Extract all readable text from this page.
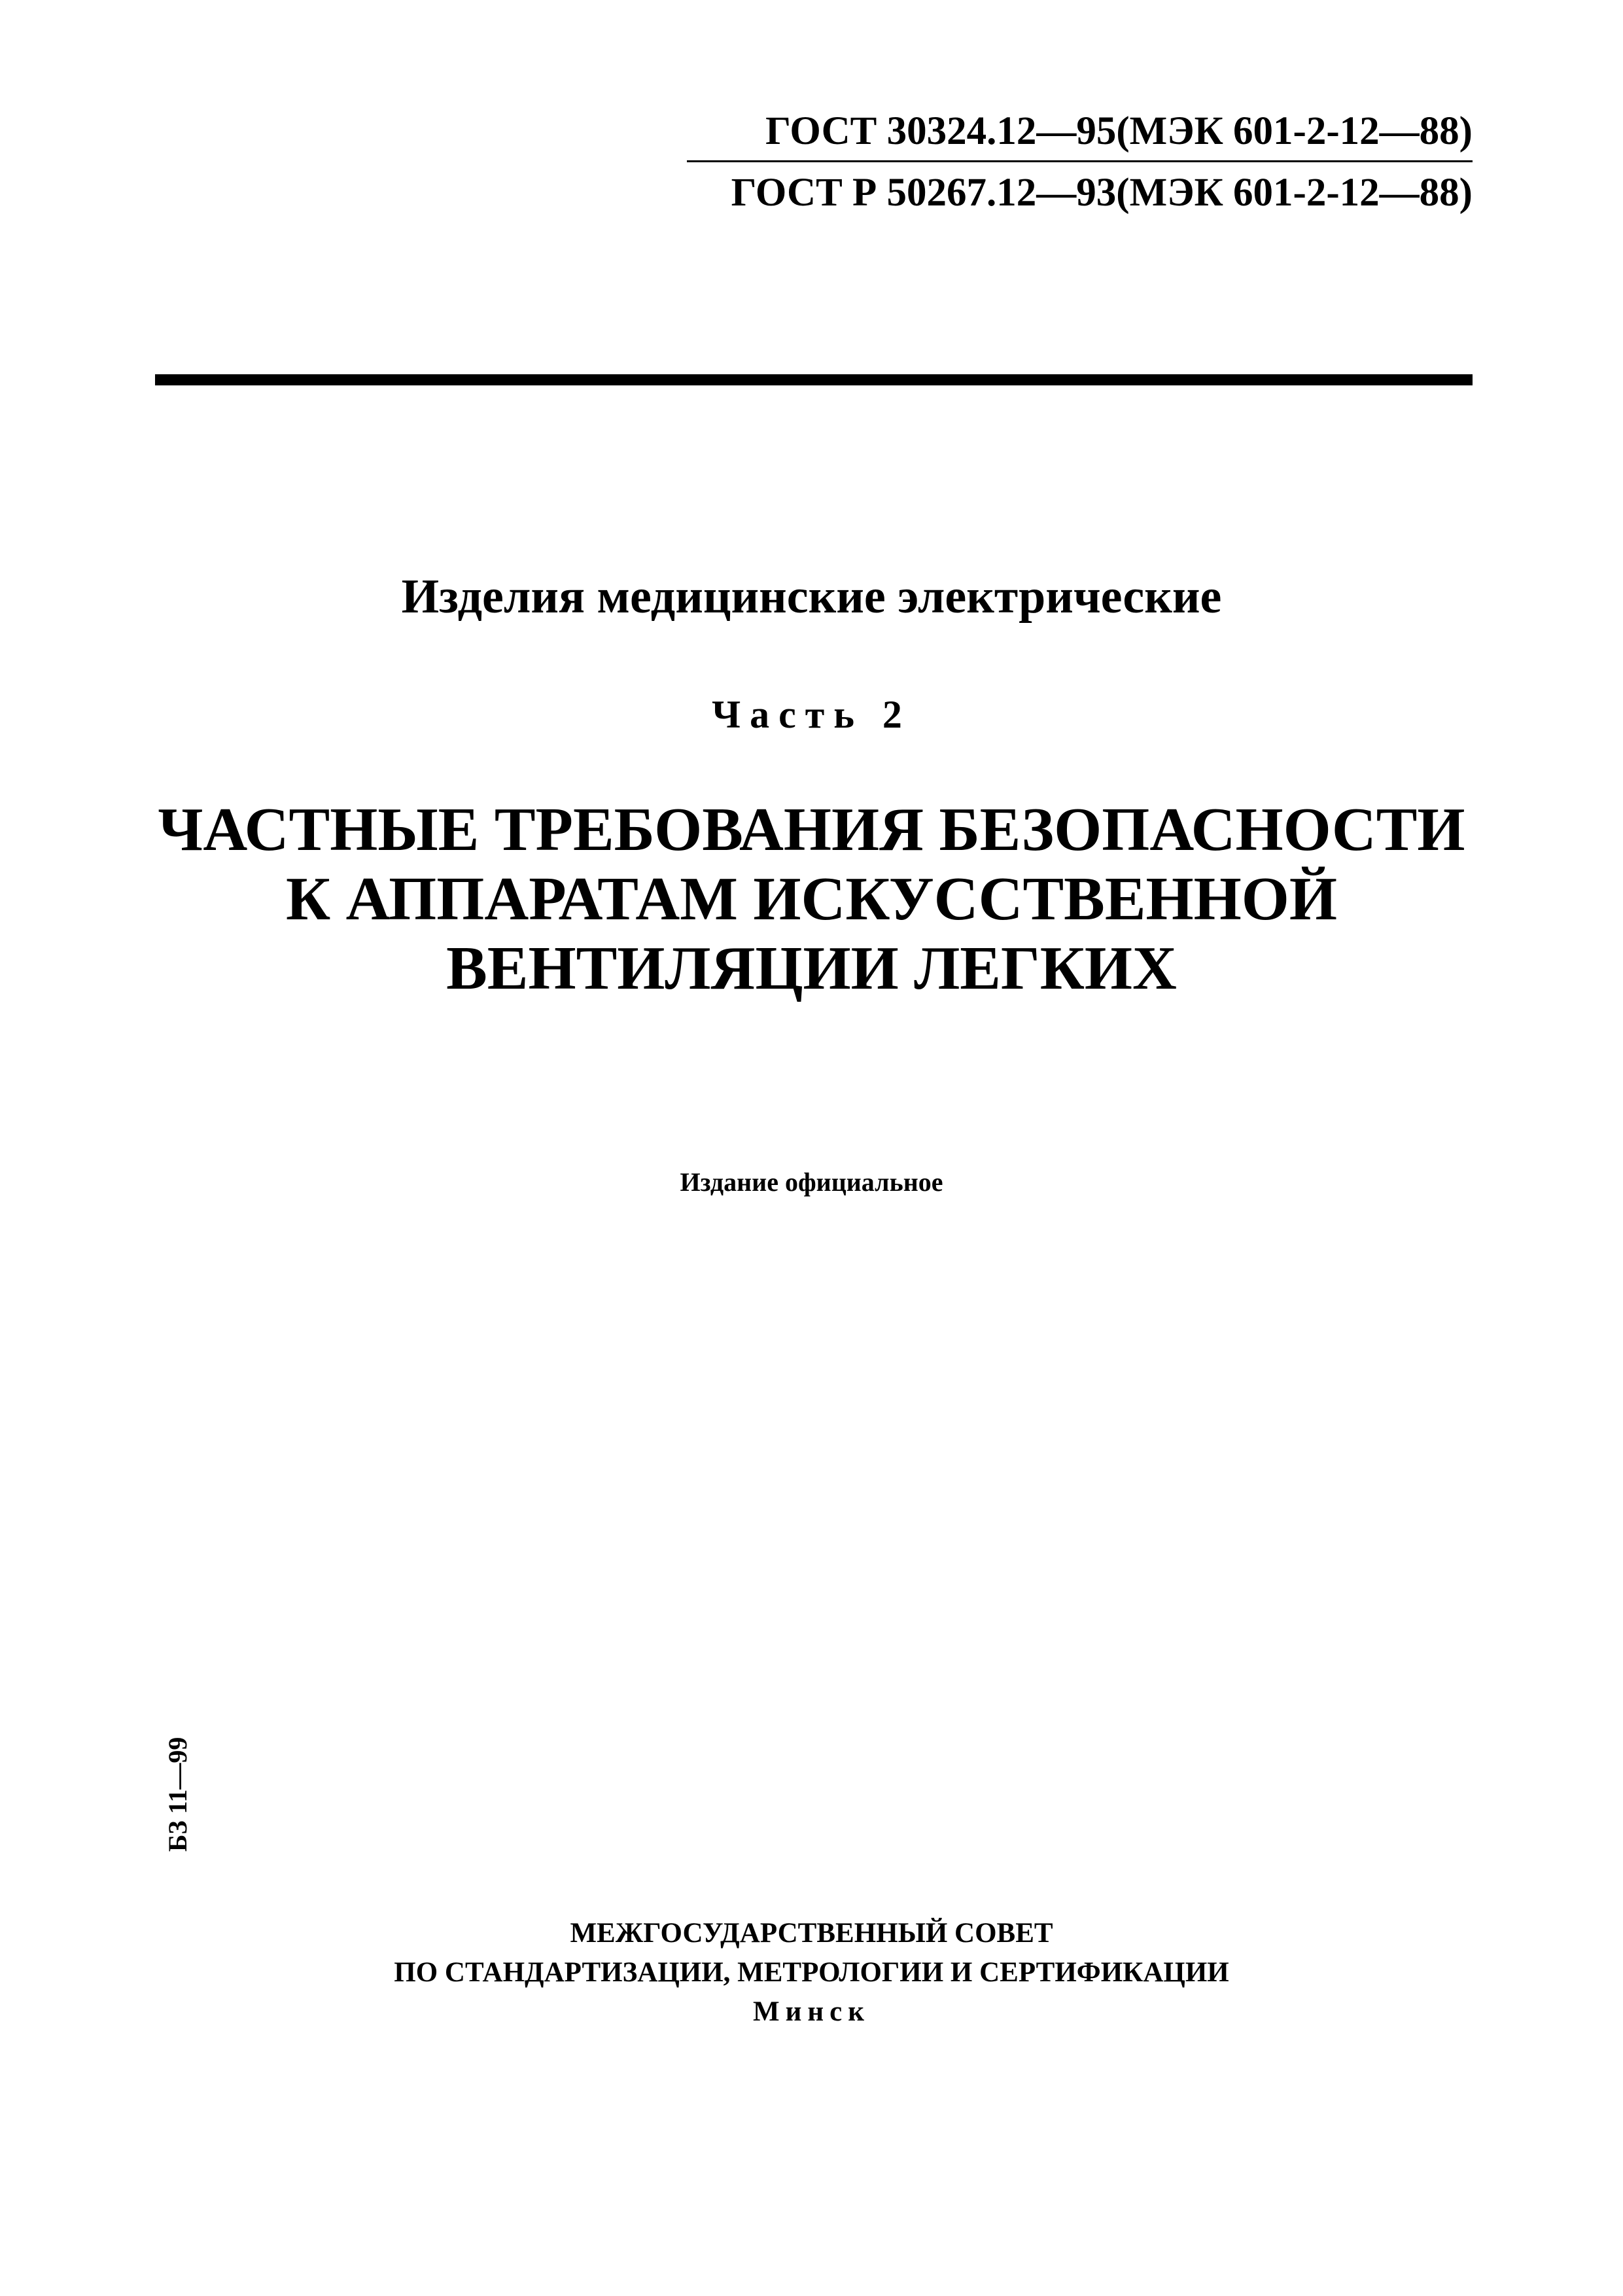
ГОСТ 30324.12—95(МЭК 601-2-12—88)
ГОСТ Р 50267.12—93(МЭК 601-2-12—88)
Изделия медицинские электрические
Часть 2
ЧАСТНЫЕ ТРЕБОВАНИЯ БЕЗОПАСНОСТИ
К АППАРАТАМ ИСКУССТВЕННОЙ
ВЕНТИЛЯЦИИ ЛЕГКИХ
Издание официальное
БЗ 11—99
МЕЖГОСУДАРСТВЕННЫЙ СОВЕТ
ПО СТАНДАРТИЗАЦИИ, МЕТРОЛОГИИ И СЕРТИФИКАЦИИ
Минск
